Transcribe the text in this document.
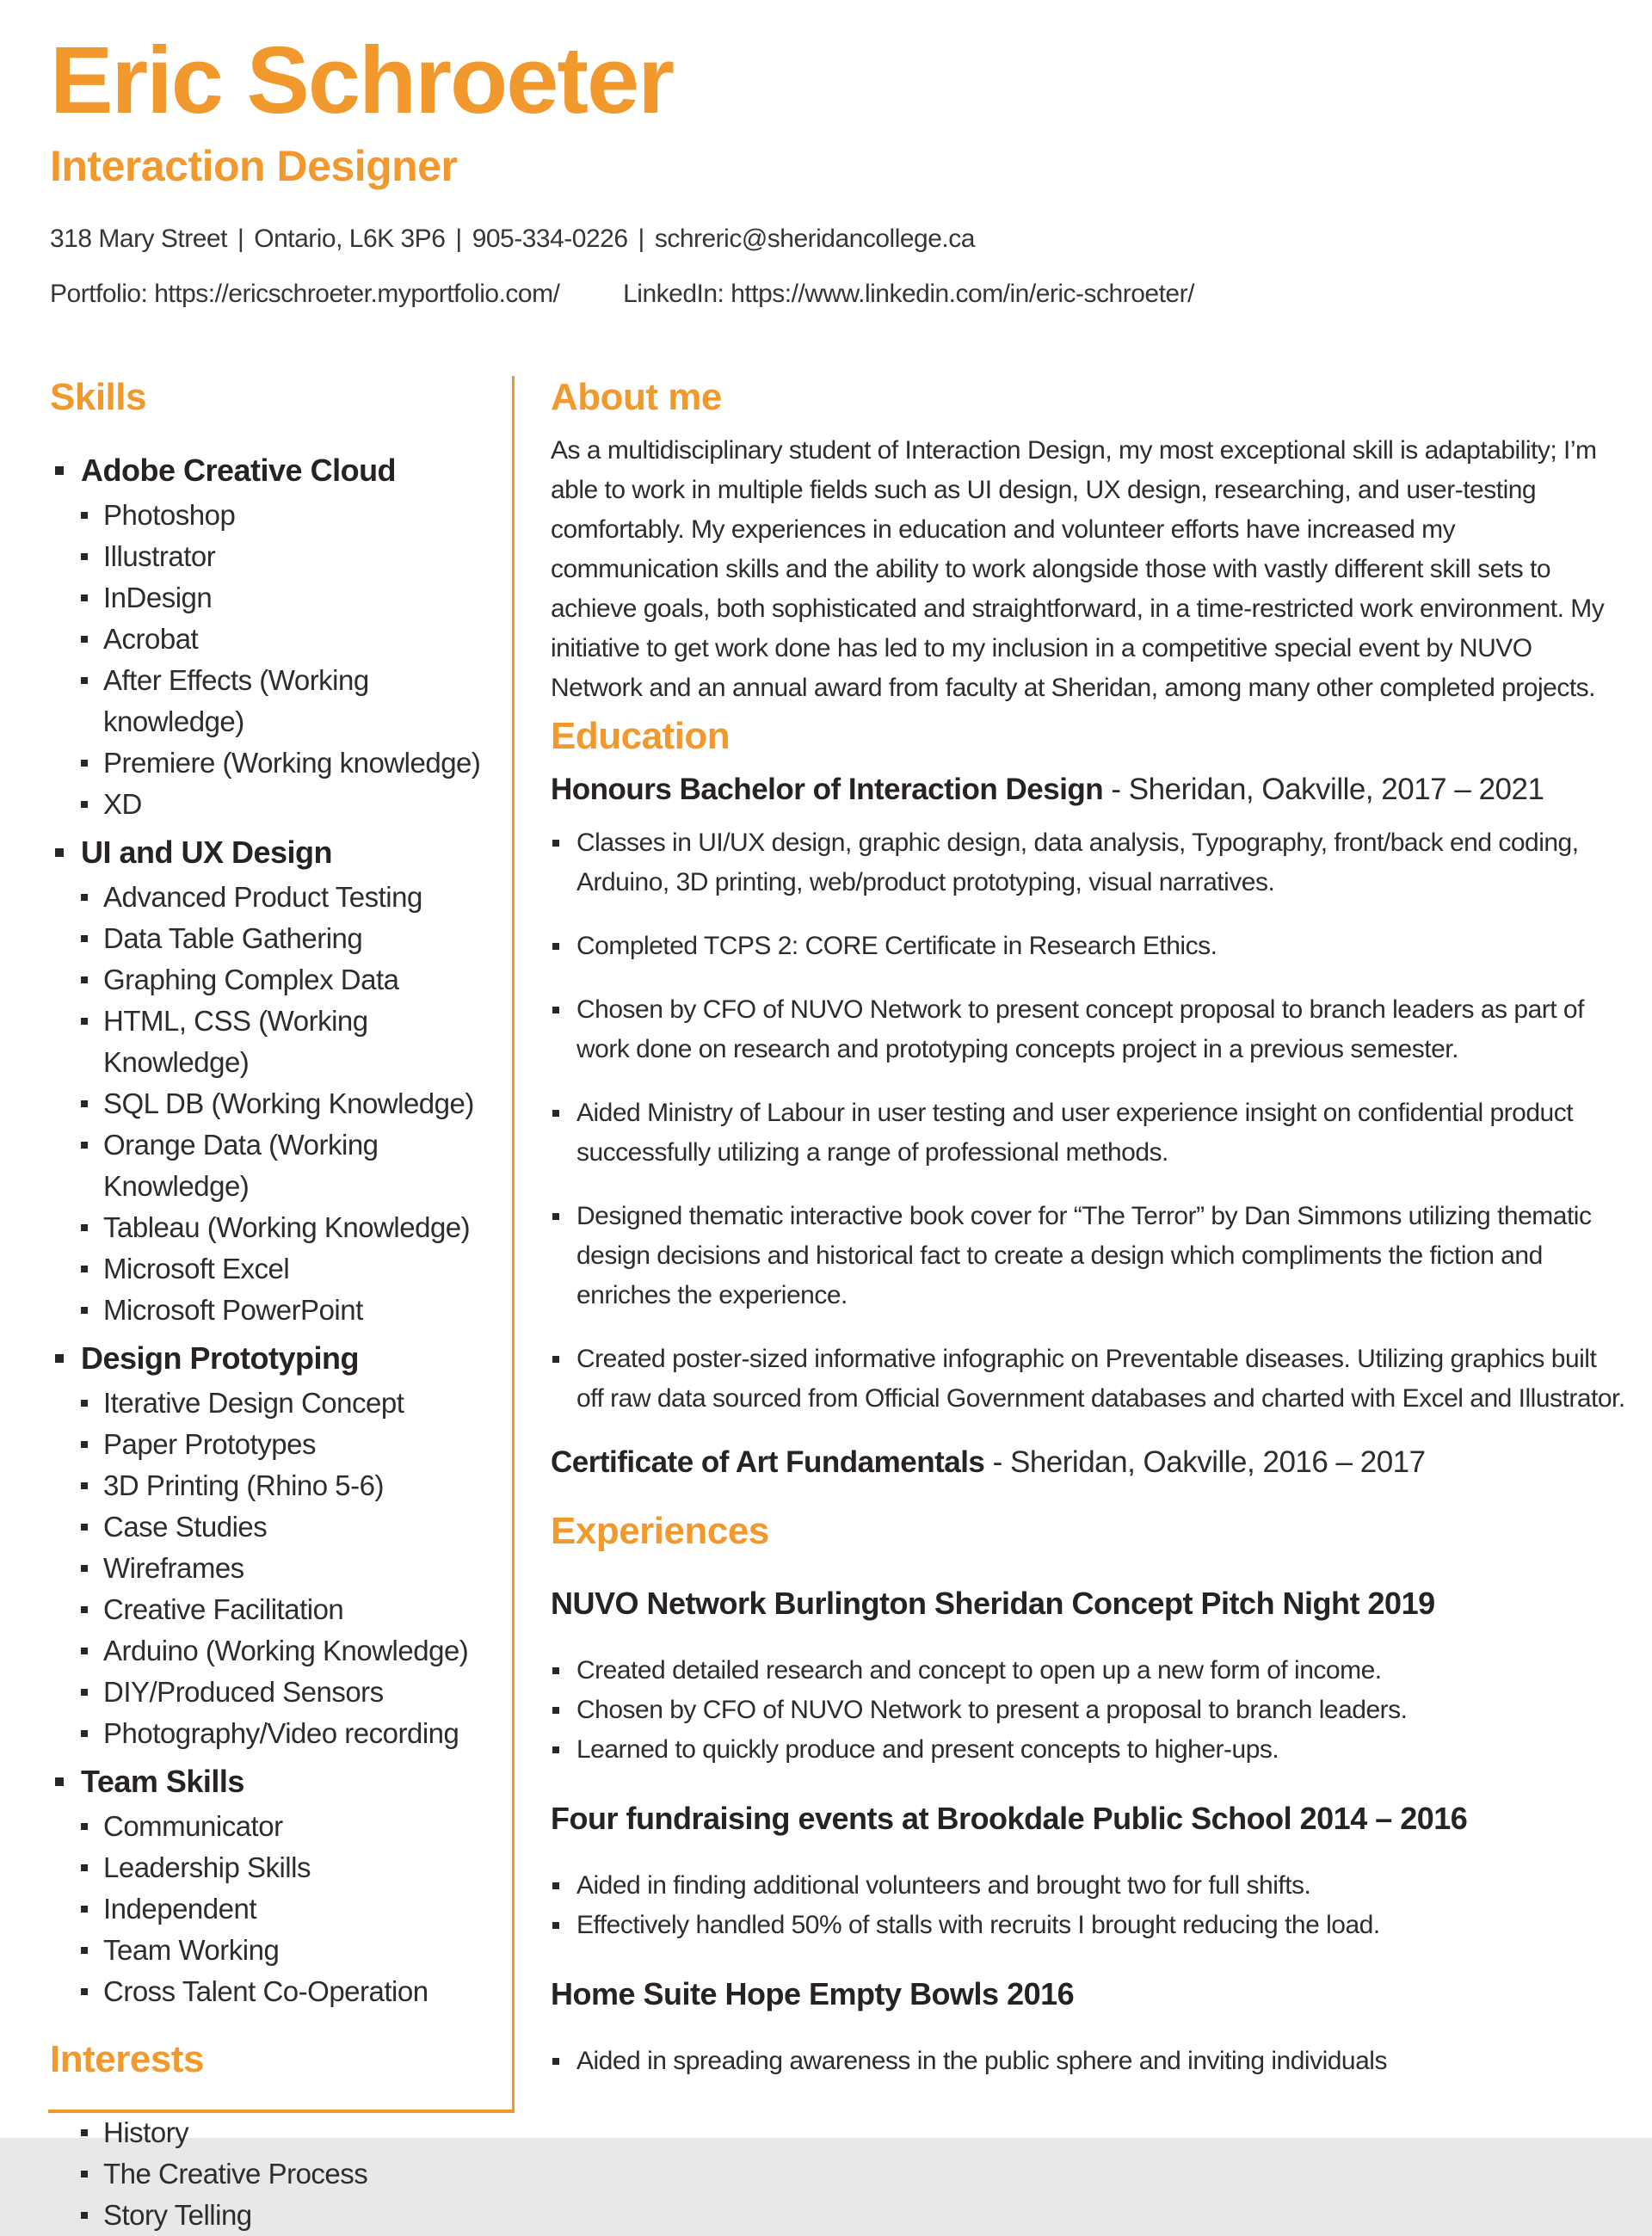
Eric Schroeter
Interaction Designer
318 Mary Street | Ontario, L6K 3P6 | 905-334-0226 | schreric@sheridancollege.ca
Portfolio: https://ericschroeter.myportfolio.com/ LinkedIn: https://www.linkedin.com/in/eric-schroeter/
Skills
Adobe Creative Cloud
Photoshop
Illustrator
InDesign
Acrobat
After Effects (Working knowledge)
Premiere (Working knowledge)
XD
UI and UX Design
Advanced Product Testing
Data Table Gathering
Graphing Complex Data
HTML, CSS (Working Knowledge)
SQL DB (Working Knowledge)
Orange Data (Working Knowledge)
Tableau (Working Knowledge)
Microsoft Excel
Microsoft PowerPoint
Design Prototyping
Iterative Design Concept
Paper Prototypes
3D Printing (Rhino 5-6)
Case Studies
Wireframes
Creative Facilitation
Arduino (Working Knowledge)
DIY/Produced Sensors
Photography/Video recording
Team Skills
Communicator
Leadership Skills
Independent
Team Working
Cross Talent Co-Operation
Interests
History
The Creative Process
Story Telling
About me

As a multidisciplinary student of Interaction Design, my most exceptional skill is adaptability; I’m able to work in multiple fields such as UI design, UX design, researching, and user-testing comfortably. My experiences in education and volunteer efforts have increased my communication skills and the ability to work alongside those with vastly different skill sets to achieve goals, both sophisticated and straightforward, in a time-restricted work environment. My initiative to get work done has led to my inclusion in a competitive special event by NUVO Network and an annual award from faculty at Sheridan, among many other completed projects.

Education

Honours Bachelor of Interaction Design - Sheridan, Oakville, 2017 – 2021

Classes in UI/UX design, graphic design, data analysis, Typography, front/back end coding, Arduino, 3D printing, web/product prototyping, visual narratives.
Completed TCPS 2: CORE Certificate in Research Ethics.
Chosen by CFO of NUVO Network to present concept proposal to branch leaders as part of work done on research and prototyping concepts project in a previous semester.
Aided Ministry of Labour in user testing and user experience insight on confidential product successfully utilizing a range of professional methods.
Designed thematic interactive book cover for “The Terror” by Dan Simmons utilizing thematic design decisions and historical fact to create a design which compliments the fiction and enriches the experience.
Created poster-sized informative infographic on Preventable diseases. Utilizing graphics built off raw data sourced from Official Government databases and charted with Excel and Illustrator.

Certificate of Art Fundamentals - Sheridan, Oakville, 2016 – 2017

Experiences
NUVO Network Burlington Sheridan Concept Pitch Night 2019
Created detailed research and concept to open up a new form of income.
Chosen by CFO of NUVO Network to present a proposal to branch leaders.
Learned to quickly produce and present concepts to higher-ups.
Four fundraising events at Brookdale Public School 2014 – 2016
Aided in finding additional volunteers and brought two for full shifts.
Effectively handled 50% of stalls with recruits I brought reducing the load.
Home Suite Hope Empty Bowls 2016
Aided in spreading awareness in the public sphere and inviting individuals
